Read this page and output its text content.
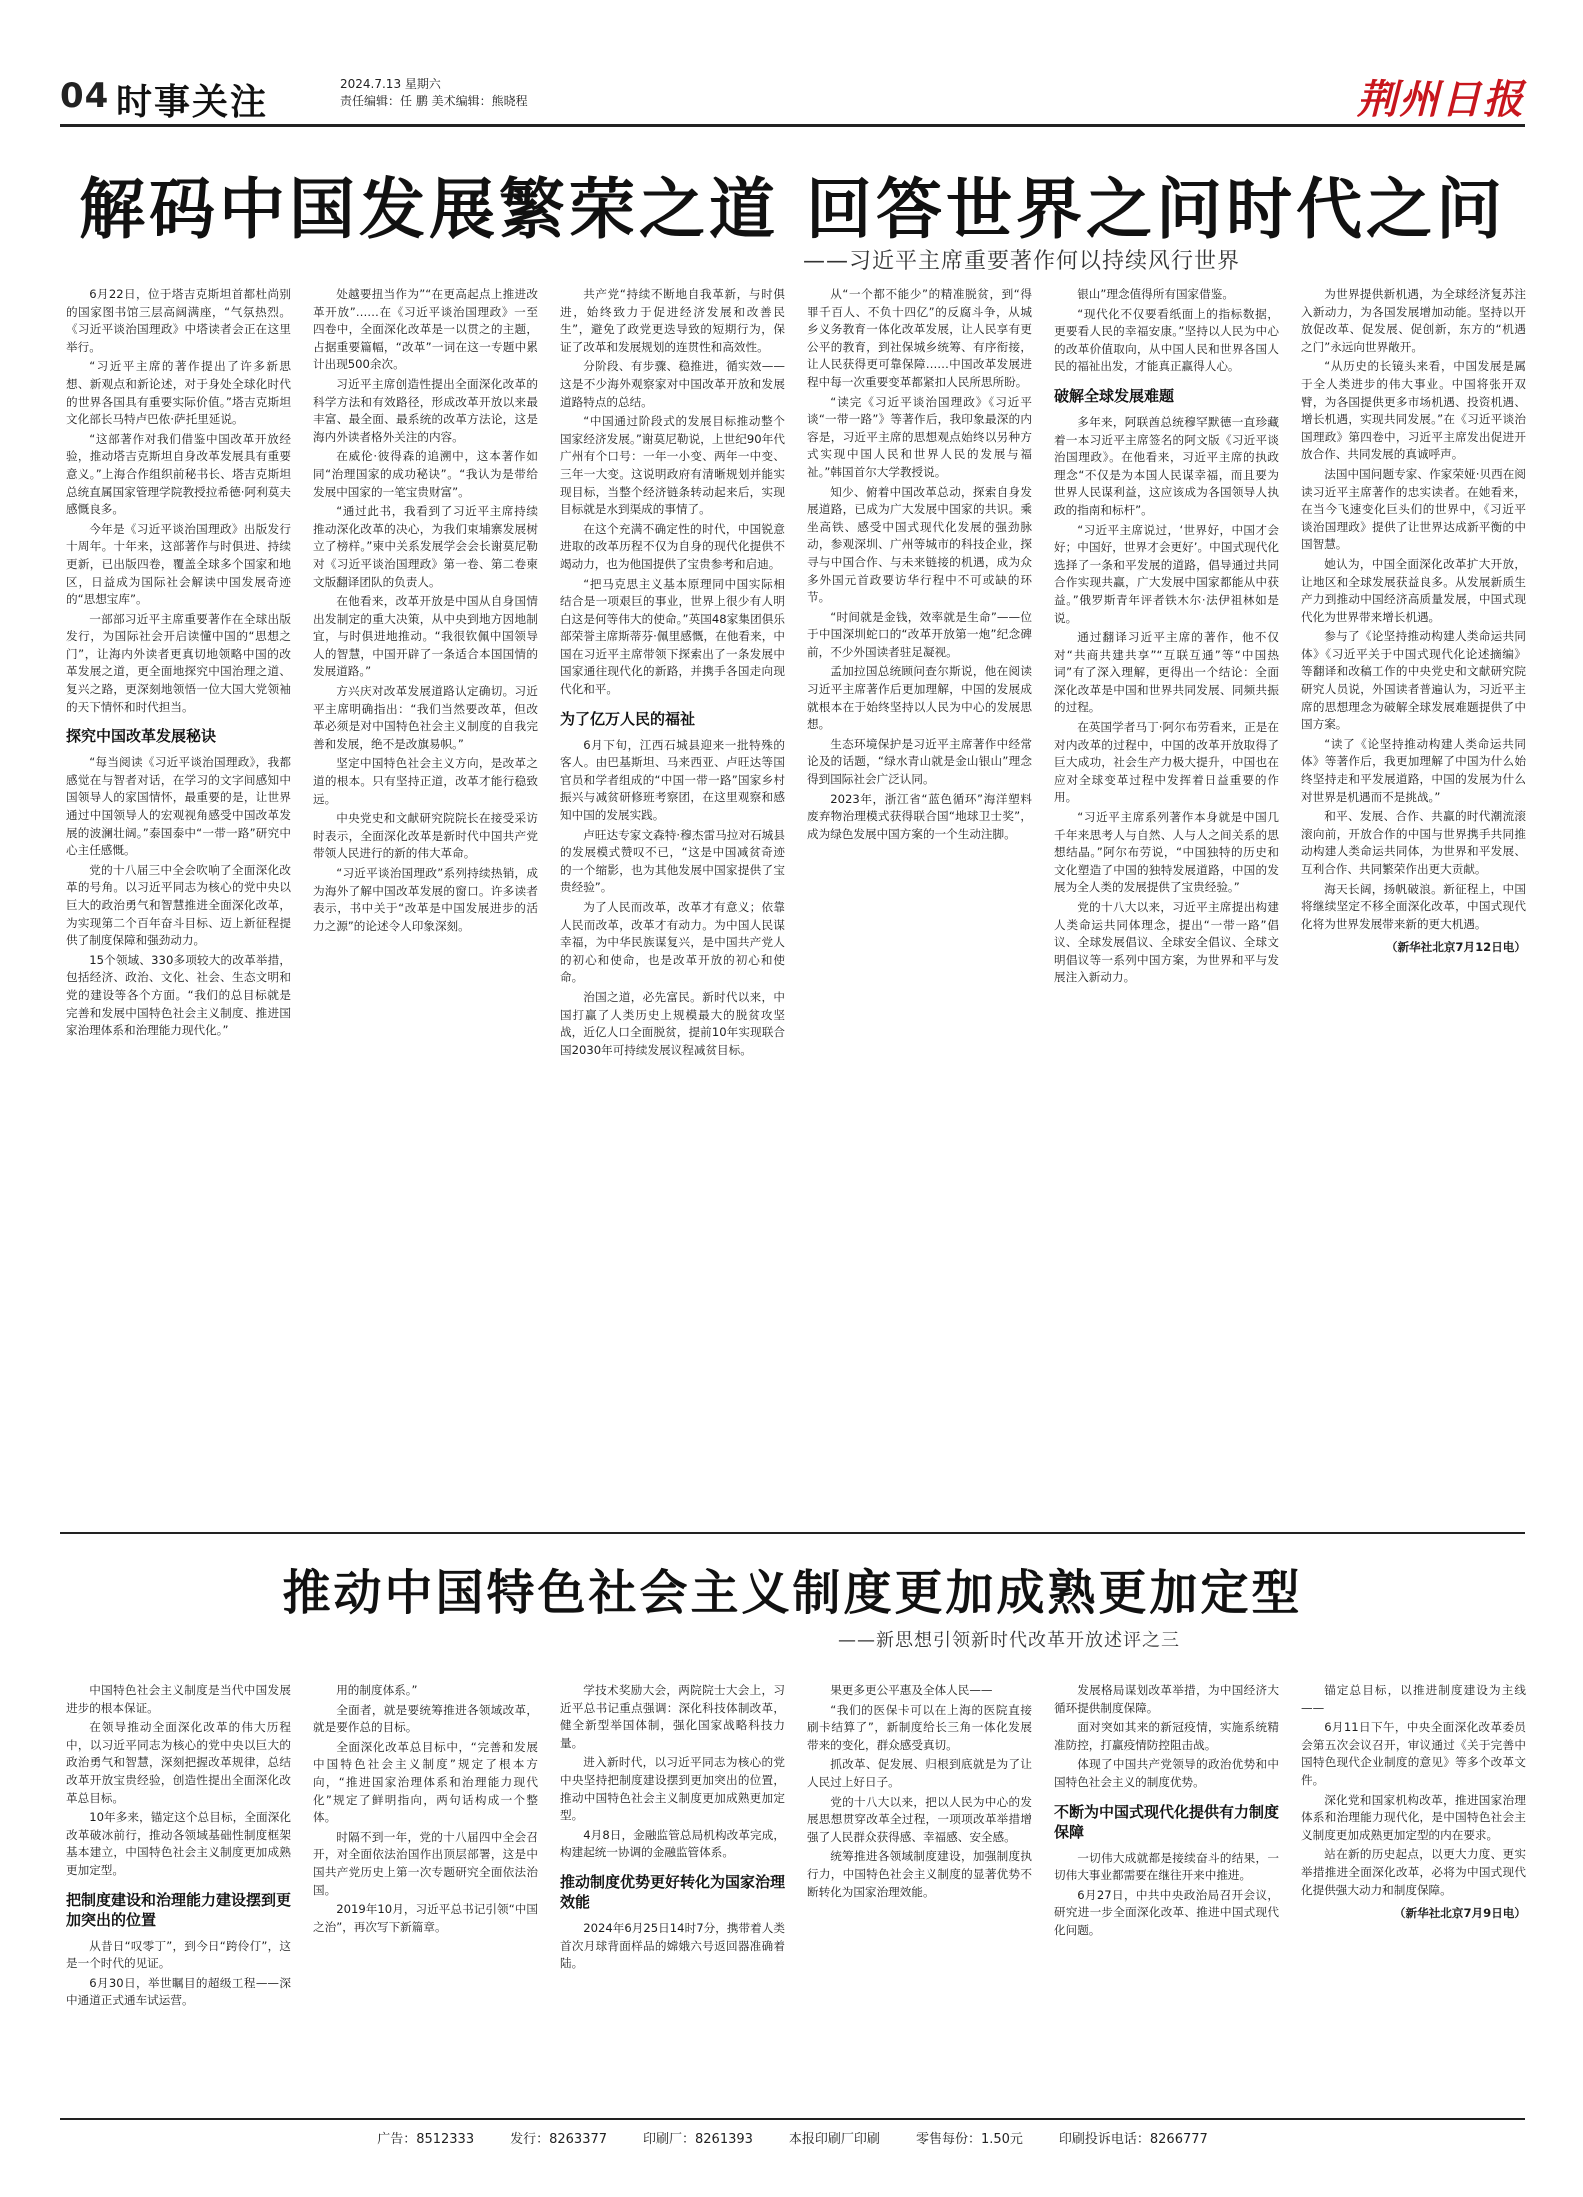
04 时事关注	2024.7.13 星期六
责任编辑：任 鹏 美术编辑：熊晓程	荆州日报
解码中国发展繁荣之道 回答世界之问时代之问
——习近平主席重要著作何以持续风行世界

6月22日，位于塔吉克斯坦首都杜尚别的国家图书馆三层高阔满座，“气氛热烈。《习近平谈治国理政》中塔读者会正在这里举行。

“习近平主席的著作提出了许多新思想、新观点和新论述，对于身处全球化时代的世界各国具有重要实际价值。”塔吉克斯坦文化部长马特卢巴侬·萨托里延说。

“这部著作对我们借鉴中国改革开放经验，推动塔吉克斯坦自身改革发展具有重要意义。”上海合作组织前秘书长、塔吉克斯坦总统直属国家管理学院教授拉希德·阿利莫夫感慨良多。

今年是《习近平谈治国理政》出版发行十周年。十年来，这部著作与时俱进、持续更新，已出版四卷，覆盖全球多个国家和地区，日益成为国际社会解读中国发展奇迹的“思想宝库”。

一部部习近平主席重要著作在全球出版发行，为国际社会开启读懂中国的“思想之门”，让海内外读者更真切地领略中国的改革发展之道，更全面地探究中国治理之道、复兴之路，更深刻地领悟一位大国大党领袖的天下情怀和时代担当。

探究中国改革发展秘诀

“每当阅读《习近平谈治国理政》，我都感觉在与智者对话，在学习的文字间感知中国领导人的家国情怀，最重要的是，让世界通过中国领导人的宏观视角感受中国改革发展的波澜壮阔。”泰国泰中“一带一路”研究中心主任感慨。

党的十八届三中全会吹响了全面深化改革的号角。以习近平同志为核心的党中央以巨大的政治勇气和智慧推进全面深化改革，为实现第二个百年奋斗目标、迈上新征程提供了制度保障和强劲动力。

15个领域、330多项较大的改革举措，包括经济、政治、文化、社会、生态文明和党的建设等各个方面。“我们的总目标就是完善和发展中国特色社会主义制度、推进国家治理体系和治理能力现代化。”

处越要扭当作为”“在更高起点上推进改革开放”……在《习近平谈治国理政》一至四卷中，全面深化改革是一以贯之的主题，占据重要篇幅，“改革”一词在这一专题中累计出现500余次。

习近平主席创造性提出全面深化改革的科学方法和有效路径，形成改革开放以来最丰富、最全面、最系统的改革方法论，这是海内外读者格外关注的内容。

在威伦·彼得森的追溯中，这本著作如同“治理国家的成功秘诀”。“我认为是带给发展中国家的一笔宝贵财富”。

“通过此书，我看到了习近平主席持续推动深化改革的决心，为我们束埔寨发展树立了榜样。”柬中关系发展学会会长谢莫尼勒对《习近平谈治国理政》第一卷、第二卷柬文版翻译团队的负责人。

在他看来，改革开放是中国从自身国情出发制定的重大决策，从中央到地方因地制宜，与时俱进地推动。“我很钦佩中国领导人的智慧，中国开辟了一条适合本国国情的发展道路。”

方兴庆对改革发展道路认定确切。习近平主席明确指出：“我们当然要改革，但改革必须是对中国特色社会主义制度的自我完善和发展，绝不是改旗易帜。”

坚定中国特色社会主义方向，是改革之道的根本。只有坚持正道，改革才能行稳致远。

中央党史和文献研究院院长在接受采访时表示，全面深化改革是新时代中国共产党带领人民进行的新的伟大革命。

“习近平谈治国理政”系列持续热销，成为海外了解中国改革发展的窗口。许多读者表示，书中关于“改革是中国发展进步的活力之源”的论述令人印象深刻。

共产党“持续不断地自我革新，与时俱进，始终致力于促进经济发展和改善民生”，避免了政党更迭导致的短期行为，保证了改革和发展规划的连贯性和高效性。

分阶段、有步骤、稳推进，循实效——这是不少海外观察家对中国改革开放和发展道路特点的总结。

“中国通过阶段式的发展目标推动整个国家经济发展。”谢莫尼勒说，上世纪90年代广州有个口号：一年一小变、两年一中变、三年一大变。这说明政府有清晰规划并能实现目标，当整个经济链条转动起来后，实现目标就是水到渠成的事情了。

在这个充满不确定性的时代，中国锐意进取的改革历程不仅为自身的现代化提供不竭动力，也为他国提供了宝贵参考和启迪。

“把马克思主义基本原理同中国实际相结合是一项艰巨的事业，世界上很少有人明白这是何等伟大的使命。”英国48家集团俱乐部荣誉主席斯蒂芬·佩里感慨，在他看来，中国在习近平主席带领下探索出了一条发展中国家通往现代化的新路，并携手各国走向现代化和平。

为了亿万人民的福祉

6月下旬，江西石城县迎来一批特殊的客人。由巴基斯坦、马来西亚、卢旺达等国官员和学者组成的“中国一带一路”国家乡村振兴与减贫研修班考察团，在这里观察和感知中国的发展实践。

卢旺达专家文森特·穆杰雷马拉对石城县的发展模式赞叹不已，“这是中国减贫奇迹的一个缩影，也为其他发展中国家提供了宝贵经验”。

为了人民而改革，改革才有意义；依靠人民而改革，改革才有动力。为中国人民谋幸福，为中华民族谋复兴，是中国共产党人的初心和使命，也是改革开放的初心和使命。

治国之道，必先富民。新时代以来，中国打赢了人类历史上规模最大的脱贫攻坚战，近亿人口全面脱贫，提前10年实现联合国2030年可持续发展议程减贫目标。

从“一个都不能少”的精准脱贫，到“得罪千百人、不负十四亿”的反腐斗争，从城乡义务教育一体化改革发展，让人民享有更公平的教育，到社保城乡统筹、有序衔接，让人民获得更可靠保障……中国改革发展进程中每一次重要变革都紧扣人民所思所盼。

“读完《习近平谈治国理政》《习近平谈“一带一路”》等著作后，我印象最深的内容是，习近平主席的思想观点始终以另种方式实现中国人民和世界人民的发展与福祉。”韩国首尔大学教授说。

知少、俯着中国改革总动，探索自身发展道路，已成为广大发展中国家的共识。乘坐高铁、感受中国式现代化发展的强劲脉动，参观深圳、广州等城市的科技企业，探寻与中国合作、与未来链接的机遇，成为众多外国元首政要访华行程中不可或缺的环节。

“时间就是金钱，效率就是生命”——位于中国深圳蛇口的“改革开放第一炮”纪念碑前，不少外国读者驻足凝视。

孟加拉国总统顾问查尔斯说，他在阅读习近平主席著作后更加理解，中国的发展成就根本在于始终坚持以人民为中心的发展思想。

生态环境保护是习近平主席著作中经常论及的话题，“绿水青山就是金山银山”理念得到国际社会广泛认同。

2023年，浙江省“蓝色循环”海洋塑料废弃物治理模式获得联合国“地球卫士奖”，成为绿色发展中国方案的一个生动注脚。

银山”理念值得所有国家借鉴。

“现代化不仅要看纸面上的指标数据，更要看人民的幸福安康。”坚持以人民为中心的改革价值取向，从中国人民和世界各国人民的福祉出发，才能真正赢得人心。

破解全球发展难题

多年来，阿联酋总统穆罕默德一直珍藏着一本习近平主席签名的阿文版《习近平谈治国理政》。在他看来，习近平主席的执政理念“不仅是为本国人民谋幸福，而且要为世界人民谋利益，这应该成为各国领导人执政的指南和标杆”。

“习近平主席说过，‘世界好，中国才会好；中国好，世界才会更好’。中国式现代化选择了一条和平发展的道路，倡导通过共同合作实现共赢，广大发展中国家都能从中获益。”俄罗斯青年评者铁木尔·法伊祖林如是说。

通过翻译习近平主席的著作，他不仅对“共商共建共享”“互联互通”等“中国热词”有了深入理解，更得出一个结论：全面深化改革是中国和世界共同发展、同频共振的过程。

在英国学者马丁·阿尔布劳看来，正是在对内改革的过程中，中国的改革开放取得了巨大成功，社会生产力极大提升，中国也在应对全球变革过程中发挥着日益重要的作用。

“习近平主席系列著作本身就是中国几千年来思考人与自然、人与人之间关系的思想结晶。”阿尔布劳说，“中国独特的历史和文化塑造了中国的独特发展道路，中国的发展为全人类的发展提供了宝贵经验。”

党的十八大以来，习近平主席提出构建人类命运共同体理念，提出“一带一路”倡议、全球发展倡议、全球安全倡议、全球文明倡议等一系列中国方案，为世界和平与发展注入新动力。

为世界提供新机遇，为全球经济复苏注入新动力，为各国发展增加动能。坚持以开放促改革、促发展、促创新，东方的“机遇之门”永远向世界敞开。

“从历史的长镜头来看，中国发展是属于全人类进步的伟大事业。中国将张开双臂，为各国提供更多市场机遇、投资机遇、增长机遇，实现共同发展。”在《习近平谈治国理政》第四卷中，习近平主席发出促进开放合作、共同发展的真诚呼声。

法国中国问题专家、作家荣娅·贝西在阅读习近平主席著作的忠实读者。在她看来，在当今飞速变化巨头们的世界中，《习近平谈治国理政》提供了让世界达成新平衡的中国智慧。

她认为，中国全面深化改革扩大开放，让地区和全球发展获益良多。从发展新质生产力到推动中国经济高质量发展，中国式现代化为世界带来增长机遇。

参与了《论坚持推动构建人类命运共同体》《习近平关于中国式现代化论述摘编》等翻译和改稿工作的中央党史和文献研究院研究人员说，外国读者普遍认为，习近平主席的思想理念为破解全球发展难题提供了中国方案。

“读了《论坚持推动构建人类命运共同体》等著作后，我更加理解了中国为什么始终坚持走和平发展道路，中国的发展为什么对世界是机遇而不是挑战。”

和平、发展、合作、共赢的时代潮流滚滚向前，开放合作的中国与世界携手共同推动构建人类命运共同体，为世界和平发展、互利合作、共同繁荣作出更大贡献。

海天长阔，扬帆破浪。新征程上，中国将继续坚定不移全面深化改革，中国式现代化将为世界发展带来新的更大机遇。

（新华社北京7月12日电）
推动中国特色社会主义制度更加成熟更加定型
——新思想引领新时代改革开放述评之三

中国特色社会主义制度是当代中国发展进步的根本保证。

在领导推动全面深化改革的伟大历程中，以习近平同志为核心的党中央以巨大的政治勇气和智慧，深刻把握改革规律，总结改革开放宝贵经验，创造性提出全面深化改革总目标。

10年多来，锚定这个总目标，全面深化改革破冰前行，推动各领域基础性制度框架基本建立，中国特色社会主义制度更加成熟更加定型。

把制度建设和治理能力建设摆到更加突出的位置

从昔日“叹零丁”，到今日“跨伶仃”，这是一个时代的见证。

6月30日，举世瞩目的超级工程——深中通道正式通车试运营。

用的制度体系。”

全面者，就是要统筹推进各领域改革，就是要作总的目标。

全面深化改革总目标中，“完善和发展中国特色社会主义制度”规定了根本方向，“推进国家治理体系和治理能力现代化”规定了鲜明指向，两句话构成一个整体。

时隔不到一年，党的十八届四中全会召开，对全面依法治国作出顶层部署，这是中国共产党历史上第一次专题研究全面依法治国。

2019年10月，习近平总书记引领“中国之治”，再次写下新篇章。

学技术奖励大会，两院院士大会上，习近平总书记重点强调：深化科技体制改革，健全新型举国体制，强化国家战略科技力量。

进入新时代，以习近平同志为核心的党中央坚持把制度建设摆到更加突出的位置，推动中国特色社会主义制度更加成熟更加定型。

4月8日，金融监管总局机构改革完成，构建起统一协调的金融监管体系。

推动制度优势更好转化为国家治理效能

2024年6月25日14时7分，携带着人类首次月球背面样品的嫦娥六号返回器准确着陆。

果更多更公平惠及全体人民——

“我们的医保卡可以在上海的医院直接刷卡结算了”，新制度给长三角一体化发展带来的变化，群众感受真切。

抓改革、促发展、归根到底就是为了让人民过上好日子。

党的十八大以来，把以人民为中心的发展思想贯穿改革全过程，一项项改革举措增强了人民群众获得感、幸福感、安全感。

统筹推进各领域制度建设，加强制度执行力，中国特色社会主义制度的显著优势不断转化为国家治理效能。

发展格局谋划改革举措，为中国经济大循环提供制度保障。

面对突如其来的新冠疫情，实施系统精准防控，打赢疫情防控阻击战。

体现了中国共产党领导的政治优势和中国特色社会主义的制度优势。

不断为中国式现代化提供有力制度保障

一切伟大成就都是接续奋斗的结果，一切伟大事业都需要在继往开来中推进。

6月27日，中共中央政治局召开会议，研究进一步全面深化改革、推进中国式现代化问题。

锚定总目标，以推进制度建设为主线——

6月11日下午，中央全面深化改革委员会第五次会议召开，审议通过《关于完善中国特色现代企业制度的意见》等多个改革文件。

深化党和国家机构改革，推进国家治理体系和治理能力现代化，是中国特色社会主义制度更加成熟更加定型的内在要求。

站在新的历史起点，以更大力度、更实举措推进全面深化改革，必将为中国式现代化提供强大动力和制度保障。

（新华社北京7月9日电）
广告：8512333	发行：8263377	印刷厂：8261393	本报印刷厂印刷	零售每份：1.50元	印刷投诉电话：8266777
